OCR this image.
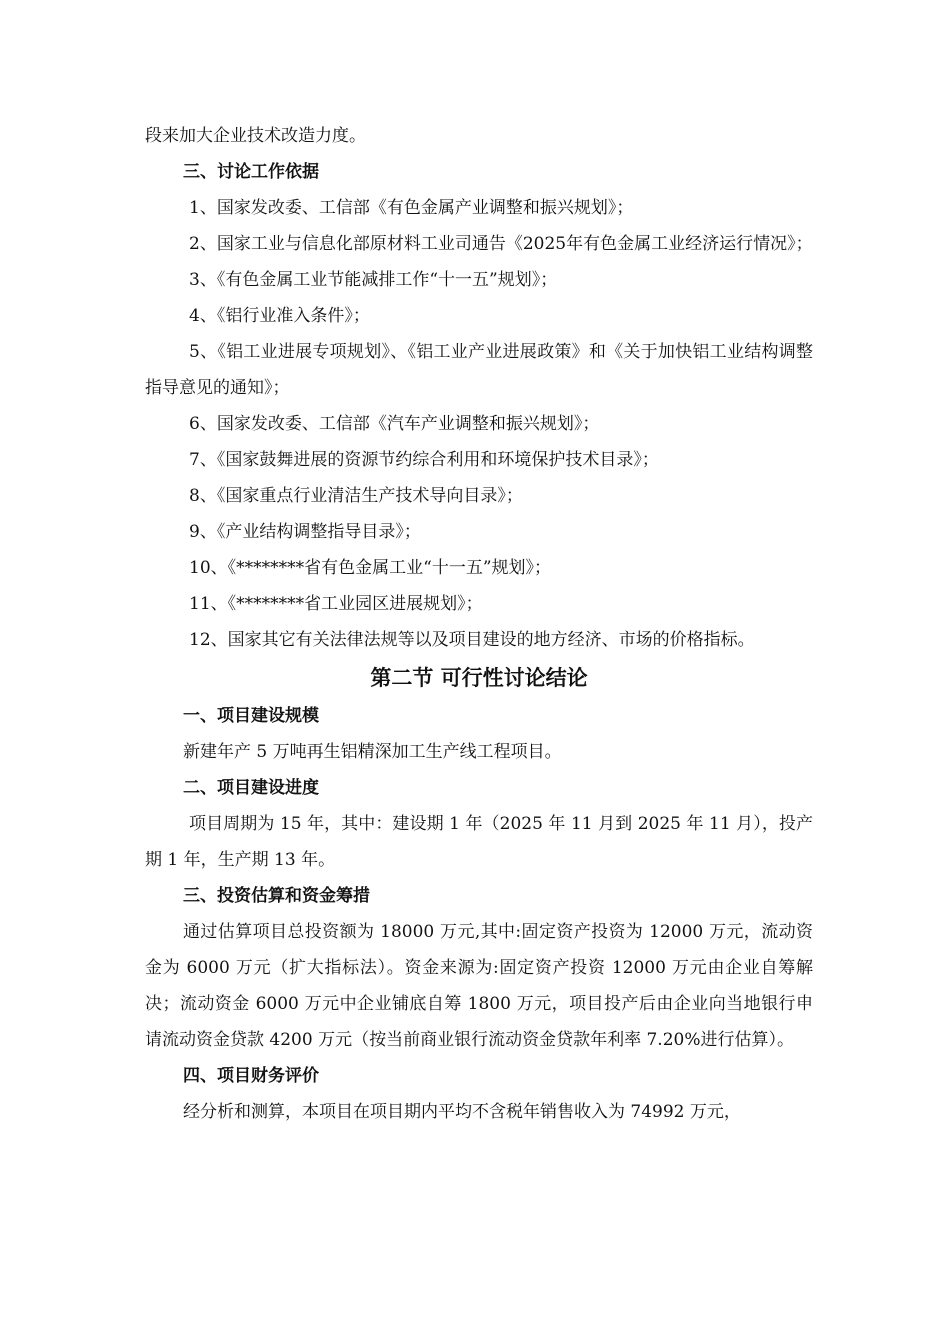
段来加大企业技术改造力度。

三、讨论工作依据

1、国家发改委、工信部《有色金属产业调整和振兴规划》；

2、国家工业与信息化部原材料工业司通告《2025年有色金属工业经济运行情况》；

3、《有色金属工业节能减排工作“十一五”规划》；

4、《铝行业准入条件》；

5、《铝工业进展专项规划》、《铝工业产业进展政策》和《关于加快铝工业结构调整指导意见的通知》；

6、国家发改委、工信部《汽车产业调整和振兴规划》；

7、《国家鼓舞进展的资源节约综合利用和环境保护技术目录》；

8、《国家重点行业清洁生产技术导向目录》；

9、《产业结构调整指导目录》；

10、《********省有色金属工业“十一五”规划》；

11、《********省工业园区进展规划》；

12、国家其它有关法律法规等以及项目建设的地方经济、市场的价格指标。

第二节 可行性讨论结论

一、项目建设规模

新建年产 5 万吨再生铝精深加工生产线工程项目。

二、项目建设进度

项目周期为 15 年，其中：建设期 1 年（2025 年 11 月到 2025 年 11 月），投产期 1 年，生产期 13 年。

三、投资估算和资金筹措

通过估算项目总投资额为 18000 万元,其中:固定资产投资为 12000 万元，流动资金为 6000 万元（扩大指标法）。资金来源为:固定资产投资 12000 万元由企业自筹解决；流动资金 6000 万元中企业铺底自筹 1800 万元，项目投产后由企业向当地银行申请流动资金贷款 4200 万元（按当前商业银行流动资金贷款年利率 7.20%进行估算）。

四、项目财务评价

经分析和测算，本项目在项目期内平均不含税年销售收入为 74992 万元，
